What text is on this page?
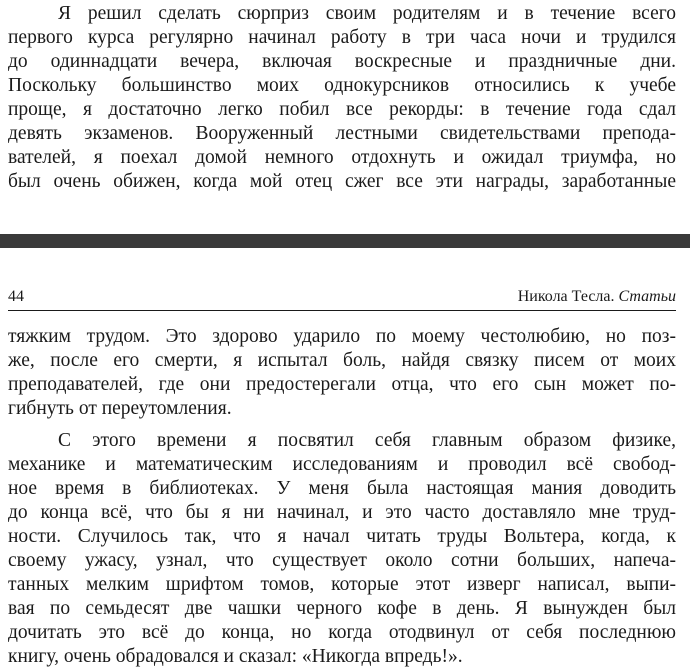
Я решил сделать сюрприз своим родителям и в течение всего
первого курса регулярно начинал работу в три часа ночи и трудился
до одиннадцати вечера, включая воскресные и праздничные дни.
Поскольку большинство моих однокурсников относились к учебе
проще, я достаточно легко побил все рекорды: в течение года сдал
девять экзаменов. Вооруженный лестными свидетельствами препода-
вателей, я поехал домой немного отдохнуть и ожидал триумфа, но
был очень обижен, когда мой отец сжег все эти награды, заработанные
44	Никола Тесла. Статьи
тяжким трудом. Это здорово ударило по моему честолюбию, но поз-
же, после его смерти, я испытал боль, найдя связку писем от моих
преподавателей, где они предостерегали отца, что его сын может по-
гибнуть от переутомления.
С этого времени я посвятил себя главным образом физике,
механике и математическим исследованиям и проводил всё свобод-
ное время в библиотеках. У меня была настоящая мания доводить
до конца всё, что бы я ни начинал, и это часто доставляло мне труд-
ности. Случилось так, что я начал читать труды Вольтера, когда, к
своему ужасу, узнал, что существует около сотни больших, напеча-
танных мелким шрифтом томов, которые этот изверг написал, выпи-
вая по семьдесят две чашки черного кофе в день. Я вынужден был
дочитать это всё до конца, но когда отодвинул от себя последнюю
книгу, очень обрадовался и сказал: «Никогда впредь!».
